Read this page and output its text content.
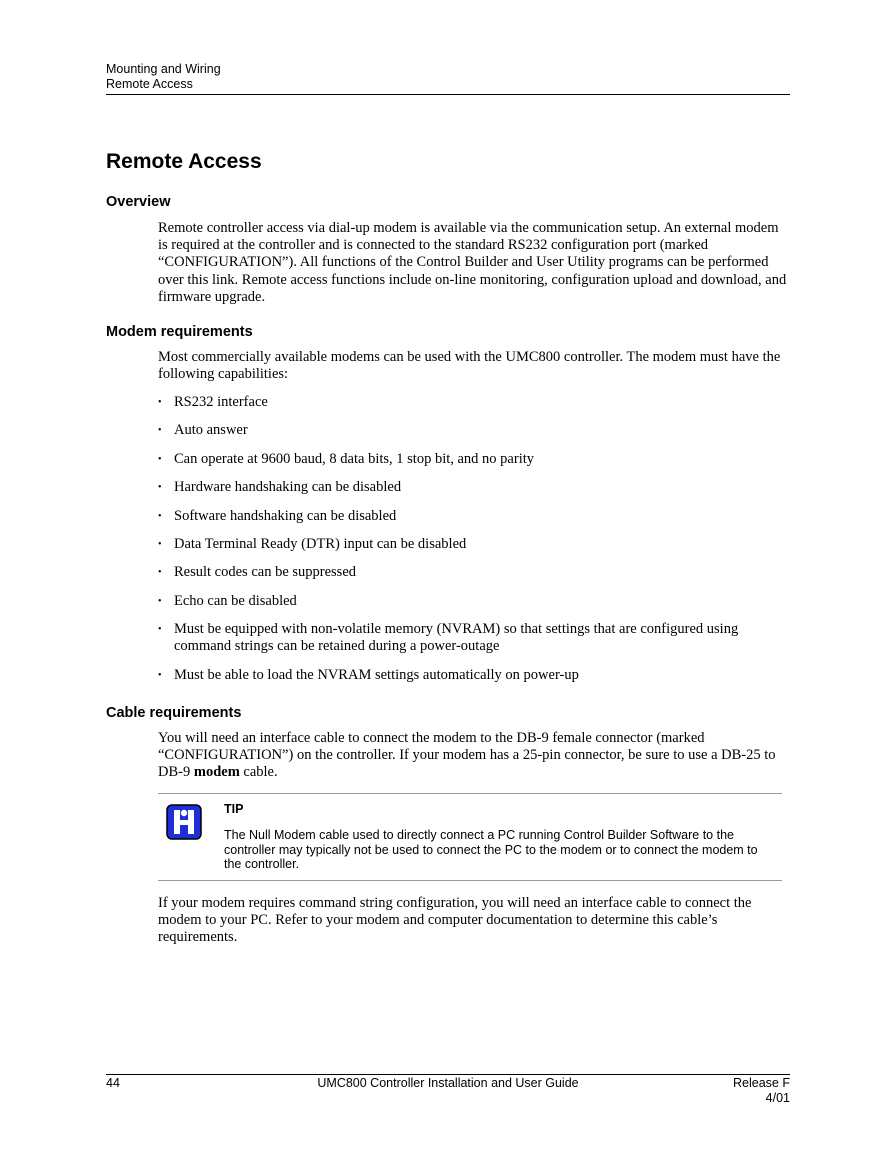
Mounting and Wiring
Remote Access
Remote Access
Overview

Remote controller access via dial-up modem is available via the communication setup. An external modem is required at the controller and is connected to the standard RS232 configuration port (marked “CONFIGURATION”). All functions of the Control Builder and User Utility programs can be performed over this link. Remote access functions include on-line monitoring, configuration upload and download, and firmware upgrade.

Modem requirements

Most commercially available modems can be used with the UMC800 controller. The modem must have the following capabilities:

• RS232 interface
• Auto answer
• Can operate at 9600 baud, 8 data bits, 1 stop bit, and no parity
• Hardware handshaking can be disabled
• Software handshaking can be disabled
• Data Terminal Ready (DTR) input can be disabled
• Result codes can be suppressed
• Echo can be disabled
• Must be equipped with non-volatile memory (NVRAM) so that settings that are configured using command strings can be retained during a power-outage
• Must be able to load the NVRAM settings automatically on power-up
Cable requirements

You will need an interface cable to connect the modem to the DB-9 female connector (marked “CONFIGURATION”) on the controller. If your modem has a 25-pin connector, be sure to use a DB-25 to DB-9 modem cable.

TIP
The Null Modem cable used to directly connect a PC running Control Builder Software to the controller may typically not be used to connect the PC to the modem or to connect the modem to the controller.

If your modem requires command string configuration, you will need an interface cable to connect the modem to your PC. Refer to your modem and computer documentation to determine this cable’s requirements.

44	UMC800 Controller Installation and User Guide	Release F
4/01
